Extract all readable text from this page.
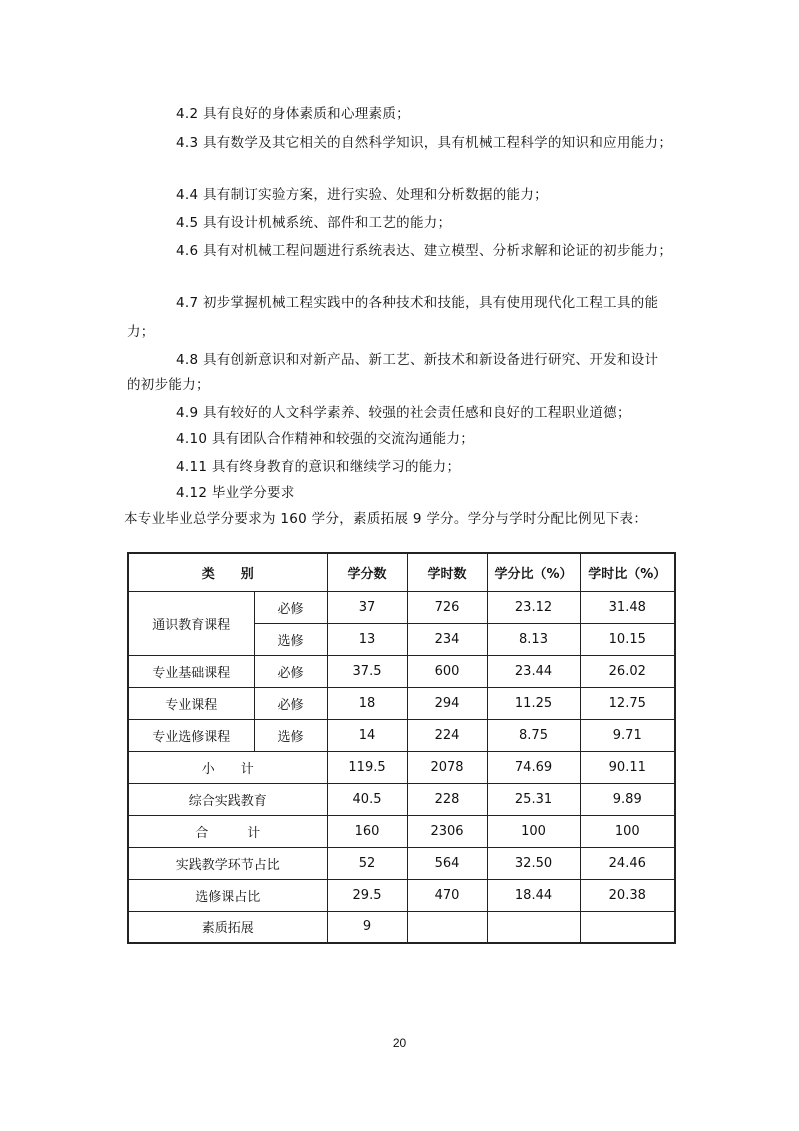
4.2 具有良好的身体素质和心理素质；
4.3 具有数学及其它相关的自然科学知识，具有机械工程科学的知识和应用能力；
4.4 具有制订实验方案，进行实验、处理和分析数据的能力；
4.5 具有设计机械系统、部件和工艺的能力；
4.6 具有对机械工程问题进行系统表达、建立模型、分析求解和论证的初步能力；
4.7 初步掌握机械工程实践中的各种技术和技能，具有使用现代化工程工具的能
力；
4.8 具有创新意识和对新产品、新工艺、新技术和新设备进行研究、开发和设计
的初步能力；
4.9 具有较好的人文科学素养、较强的社会责任感和良好的工程职业道德；
4.10 具有团队合作精神和较强的交流沟通能力；
4.11 具有终身教育的意识和继续学习的能力；
4.12 毕业学分要求
本专业毕业总学分要求为 160 学分，素质拓展 9 学分。学分与学时分配比例见下表：
类　　别		学分数	学时数	学分比（%）	学时比（%）
通识教育课程	必修	37	726	23.12	31.48
	选修	13	234	8.13	10.15
专业基础课程	必修	37.5	600	23.44	26.02
专业课程	必修	18	294	11.25	12.75
专业选修课程	选修	14	224	8.75	9.71
小　　计		119.5	2078	74.69	90.11
综合实践教育		40.5	228	25.31	9.89
合　　　计		160	2306	100	100
实践教学环节占比		52	564	32.50	24.46
选修课占比		29.5	470	18.44	20.38
素质拓展		9			
20
